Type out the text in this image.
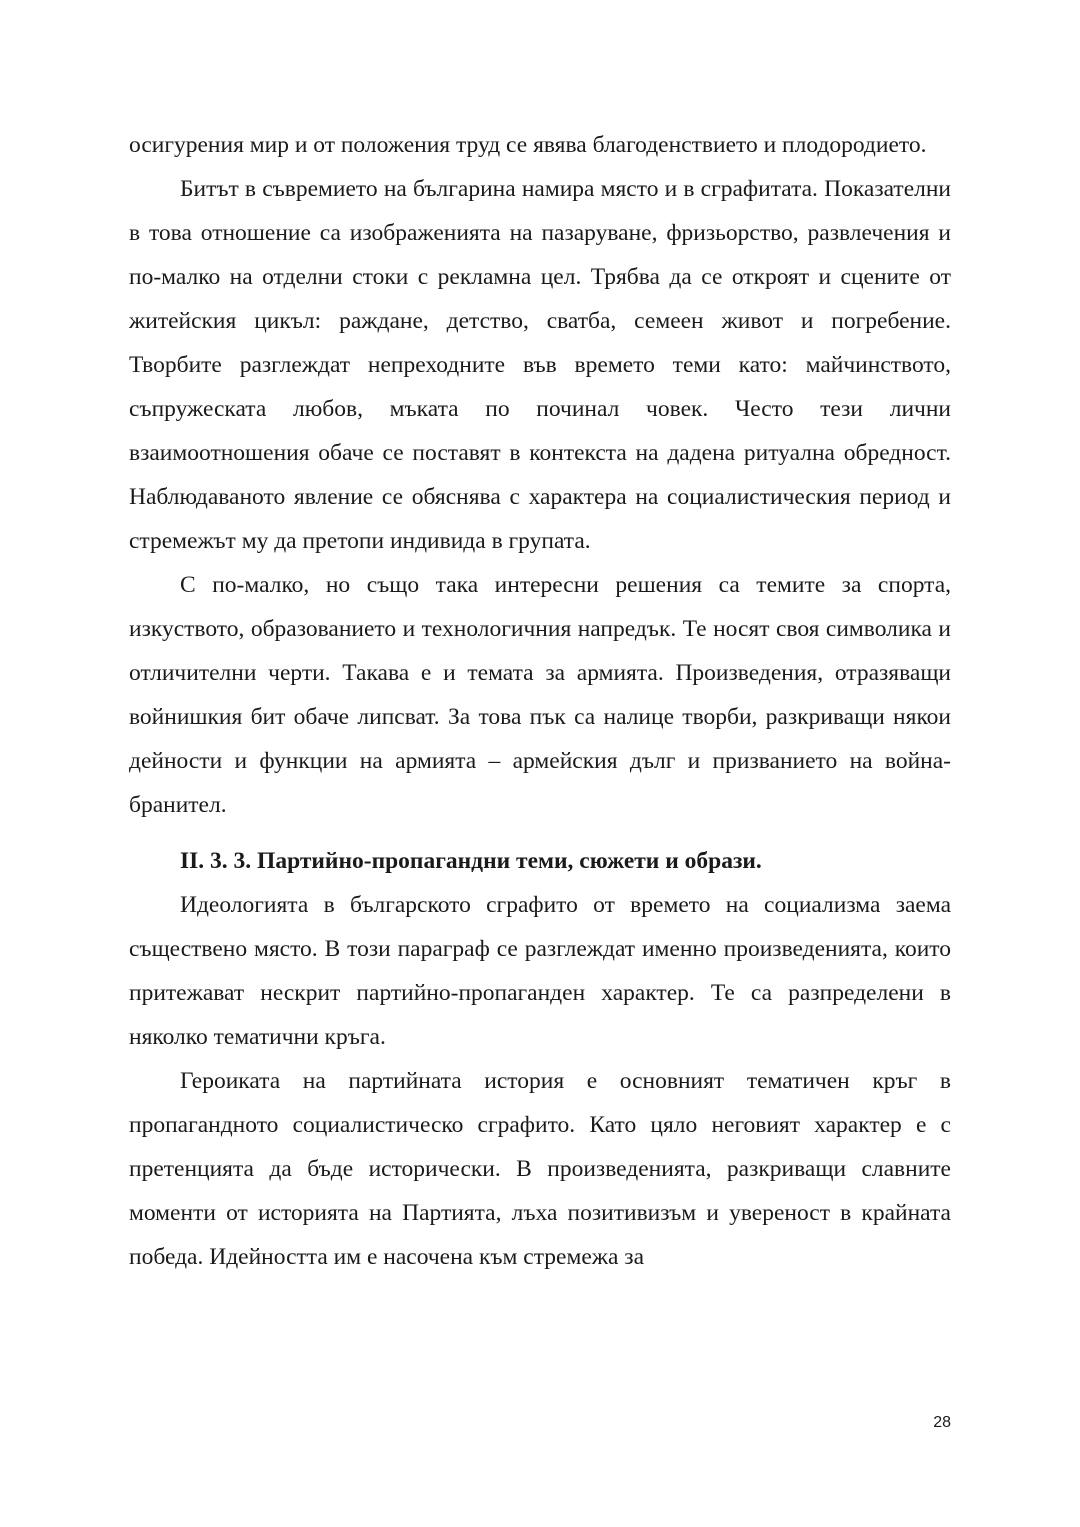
осигурения мир и от положения труд се явява благоденствието и плодородието.

Битът в съвремието на българина намира място и в сграфитата. Показателни в това отношение са изображенията на пазаруване, фризьорство, развлечения и по-малко на отделни стоки с рекламна цел. Трябва да се откроят и сцените от житейския цикъл: раждане, детство, сватба, семеен живот и погребение. Творбите разглеждат непреходните във времето теми като: майчинството, съпружеската любов, мъката по починал човек. Често тези лични взаимоотношения обаче се поставят в контекста на дадена ритуална обредност. Наблюдаваното явление се обяснява с характера на социалистическия период и стремежът му да претопи индивида в групата.

С по-малко, но също така интересни решения са темите за спорта, изкуството, образованието и технологичния напредък. Те носят своя символика и отличителни черти. Такава е и темата за армията. Произведения, отразяващи войнишкия бит обаче липсват. За това пък са налице творби, разкриващи някои дейности и функции на армията – армейския дълг и призванието на война-бранител.

II. 3. 3. Партийно-пропагандни теми, сюжети и образи.

Идеологията в българското сграфито от времето на социализма заема съществено място. В този параграф се разглеждат именно произведенията, които притежават нескрит партийно-пропаганден характер. Те са разпределени в няколко тематични кръга.

Героиката на партийната история е основният тематичен кръг в пропагандното социалистическо сграфито. Като цяло неговият характер е с претенцията да бъде исторически. В произведенията, разкриващи славните моменти от историята на Партията, лъха позитивизъм и увереност в крайната победа. Идейността им е насочена към стремежа за

28
